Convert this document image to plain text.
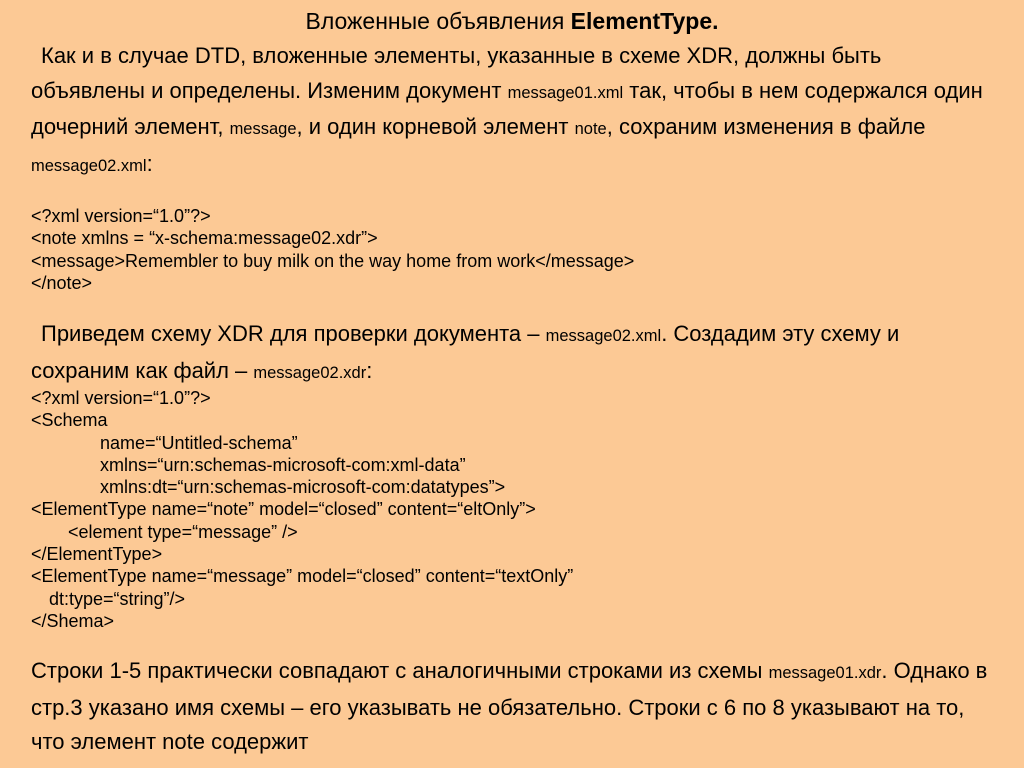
Вложенные объявления ElementType.
Как и в случае DTD, вложенные элементы, указанные в схеме XDR, должны быть объявлены и определены. Изменим документ message01.xml так, чтобы в нем содержался один дочерний элемент, message, и один корневой элемент note, сохраним изменения в файле message02.xml:
<?xml version=“1.0”?>
<note xmlns = “x-schema:message02.xdr”>
<message>Remembler to buy milk on the way home from work</message>
</note>
Приведем схему XDR для проверки документа – message02.xml. Создадим эту схему и сохраним как файл – message02.xdr:
<?xml version=“1.0”?>
<Schema
name=“Untitled-schema”
xmlns=“urn:schemas-microsoft-com:xml-data”
xmlns:dt=“urn:schemas-microsoft-com:datatypes”>
<ElementType name=“note” model=“closed” content=“eltOnly”>
<element type=“message” />
</ElementType>
<ElementType name=“message” model=“closed” content=“textOnly”
dt:type=“string”/>
</Shema>
Строки 1-5 практически совпадают с аналогичными строками из схемы message01.xdr. Однако в стр.3 указано имя схемы – его указывать не обязательно. Строки с 6 по 8 указывают на то, что элемент note содержит
